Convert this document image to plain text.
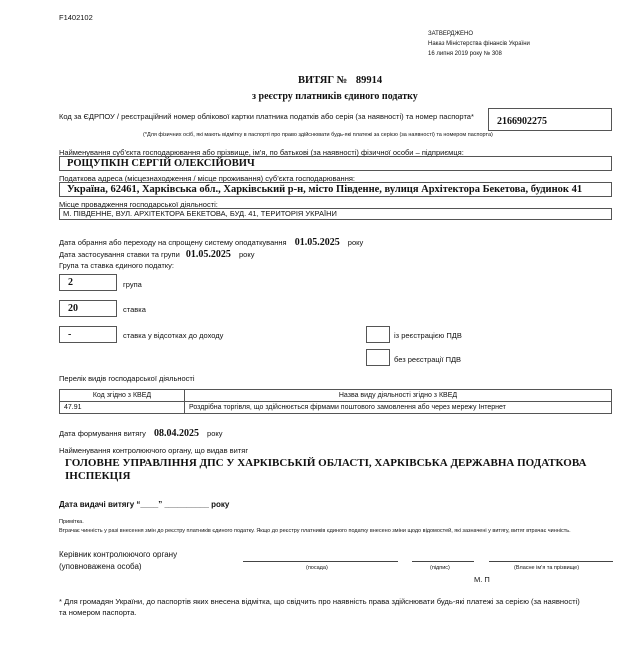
F1402102
ЗАТВЕРДЖЕНО
Наказ Міністерства фінансів України
16 липня 2019 року № 308
ВИТЯГ № 89914
з реєстру платників єдиного податку
Код за ЄДРПОУ / реєстраційний номер облікової картки платника податків або серія (за наявності) та номер паспорта*	2166902275
(*Для фізичних осіб, які мають відмітку в паспорті про право здійснювати будь-які платежі за серією (за наявності) та номером паспорта)
Найменування суб’єкта господарювання або прізвище, ім’я, по батькові (за наявності) фізичної особи – підприємця:
РОЩУПКІН СЕРГІЙ ОЛЕКСІЙОВИЧ
Податкова адреса (місцезнаходження / місце проживання) суб’єкта господарювання:
Україна, 62461, Харківська обл., Харківський р-н, місто Південне, вулиця Архітектора Бекетова, будинок 41
Місце провадження господарської діяльності:
М. ПІВДЕННЕ, ВУЛ. АРХІТЕКТОРА БЕКЕТОВА, БУД. 41, ТЕРИТОРІЯ УКРАЇНИ
Дата обрання або переходу на спрощену систему оподаткування 01.05.2025 року
Дата застосування ставки та групи 01.05.2025 року
Група та ставка єдиного податку:
2	група
20	ставка
-	ставка у відсотках до доходу	із реєстрацією ПДВ
без реєстрації ПДВ
Перелік видів господарської діяльності
Код згідно з КВЕД	Назва виду діяльності згідно з КВЕД
47.91	Роздрібна торгівля, що здійснюється фірмами поштового замовлення або через мережу Інтернет
Дата формування витягу 08.04.2025 року
Найменування контролюючого органу, що видав витяг
ГОЛОВНЕ УПРАВЛІННЯ ДПС У ХАРКІВСЬКІЙ ОБЛАСТІ, ХАРКІВСЬКА ДЕРЖАВНА ПОДАТКОВА
ІНСПЕКЦІЯ
Дата видачі витягу “____” __________ року
Примітка.
Втрачає чинність у разі внесення змін до реєстру платників єдиного податку. Якщо до реєстру платників єдиного податку внесено зміни щодо відомостей, які зазначені у витягу, витяг втрачає чинність.
Керівник контролюючого органу
(уповноважена особа)	(посада)	(підпис)	(Власне ім’я та прізвище)
М. П
* Для громадян України, до паспортів яких внесена відмітка, що свідчить про наявність права здійснювати будь-які платежі за серією (за наявності)
та номером паспорта.
